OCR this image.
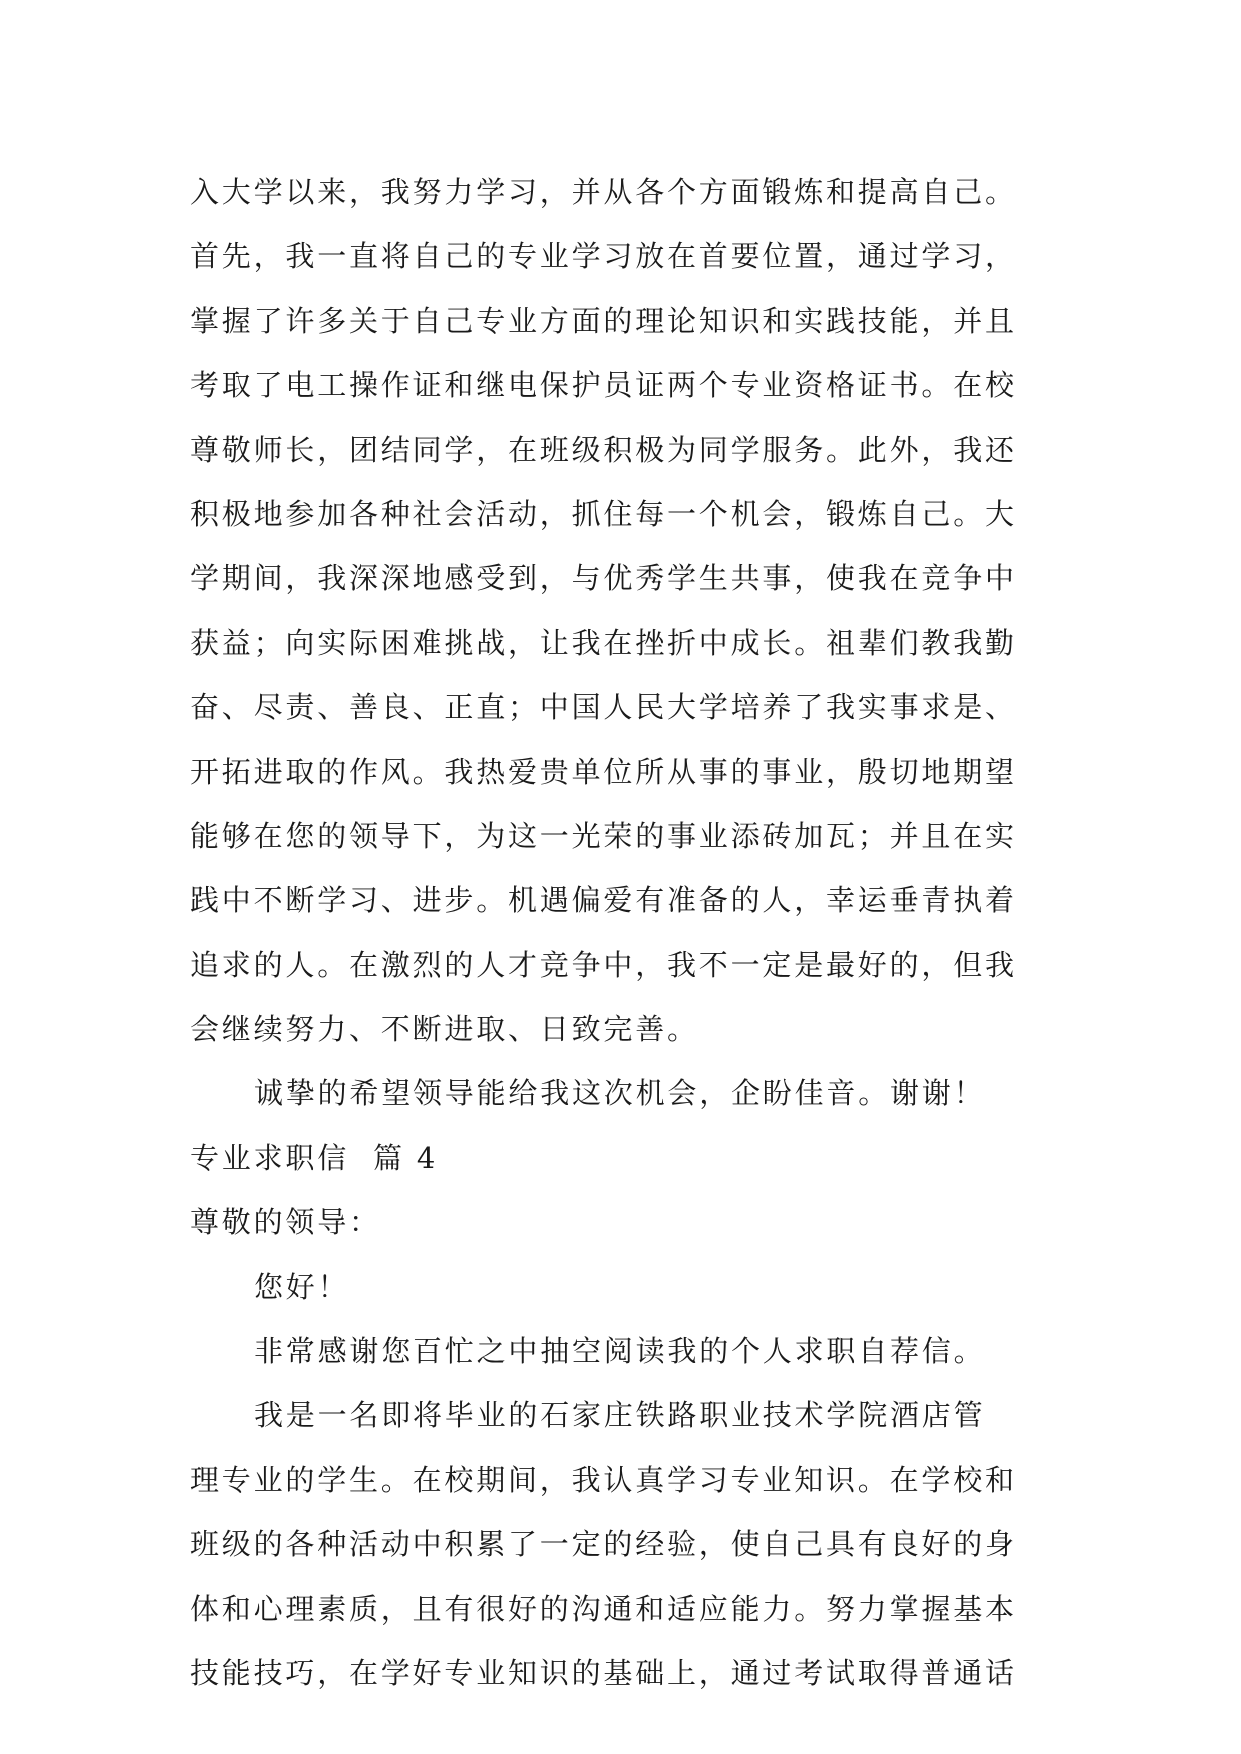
入大学以来，我努力学习，并从各个方面锻炼和提高自己。
首先，我一直将自己的专业学习放在首要位置，通过学习，
掌握了许多关于自己专业方面的理论知识和实践技能，并且
考取了电工操作证和继电保护员证两个专业资格证书。在校
尊敬师长，团结同学，在班级积极为同学服务。此外，我还
积极地参加各种社会活动，抓住每一个机会，锻炼自己。大
学期间，我深深地感受到，与优秀学生共事，使我在竞争中
获益；向实际困难挑战，让我在挫折中成长。祖辈们教我勤
奋、尽责、善良、正直；中国人民大学培养了我实事求是、
开拓进取的作风。我热爱贵单位所从事的事业，殷切地期望
能够在您的领导下，为这一光荣的事业添砖加瓦；并且在实
践中不断学习、进步。机遇偏爱有准备的人，幸运垂青执着
追求的人。在激烈的人才竞争中，我不一定是最好的，但我
会继续努力、不断进取、日致完善。
诚挚的希望领导能给我这次机会，企盼佳音。谢谢！
专业求职信  篇 4
尊敬的领导：
您好！
非常感谢您百忙之中抽空阅读我的个人求职自荐信。
我是一名即将毕业的石家庄铁路职业技术学院酒店管
理专业的学生。在校期间，我认真学习专业知识。在学校和
班级的各种活动中积累了一定的经验，使自己具有良好的身
体和心理素质，且有很好的沟通和适应能力。努力掌握基本
技能技巧，在学好专业知识的基础上，通过考试取得普通话
